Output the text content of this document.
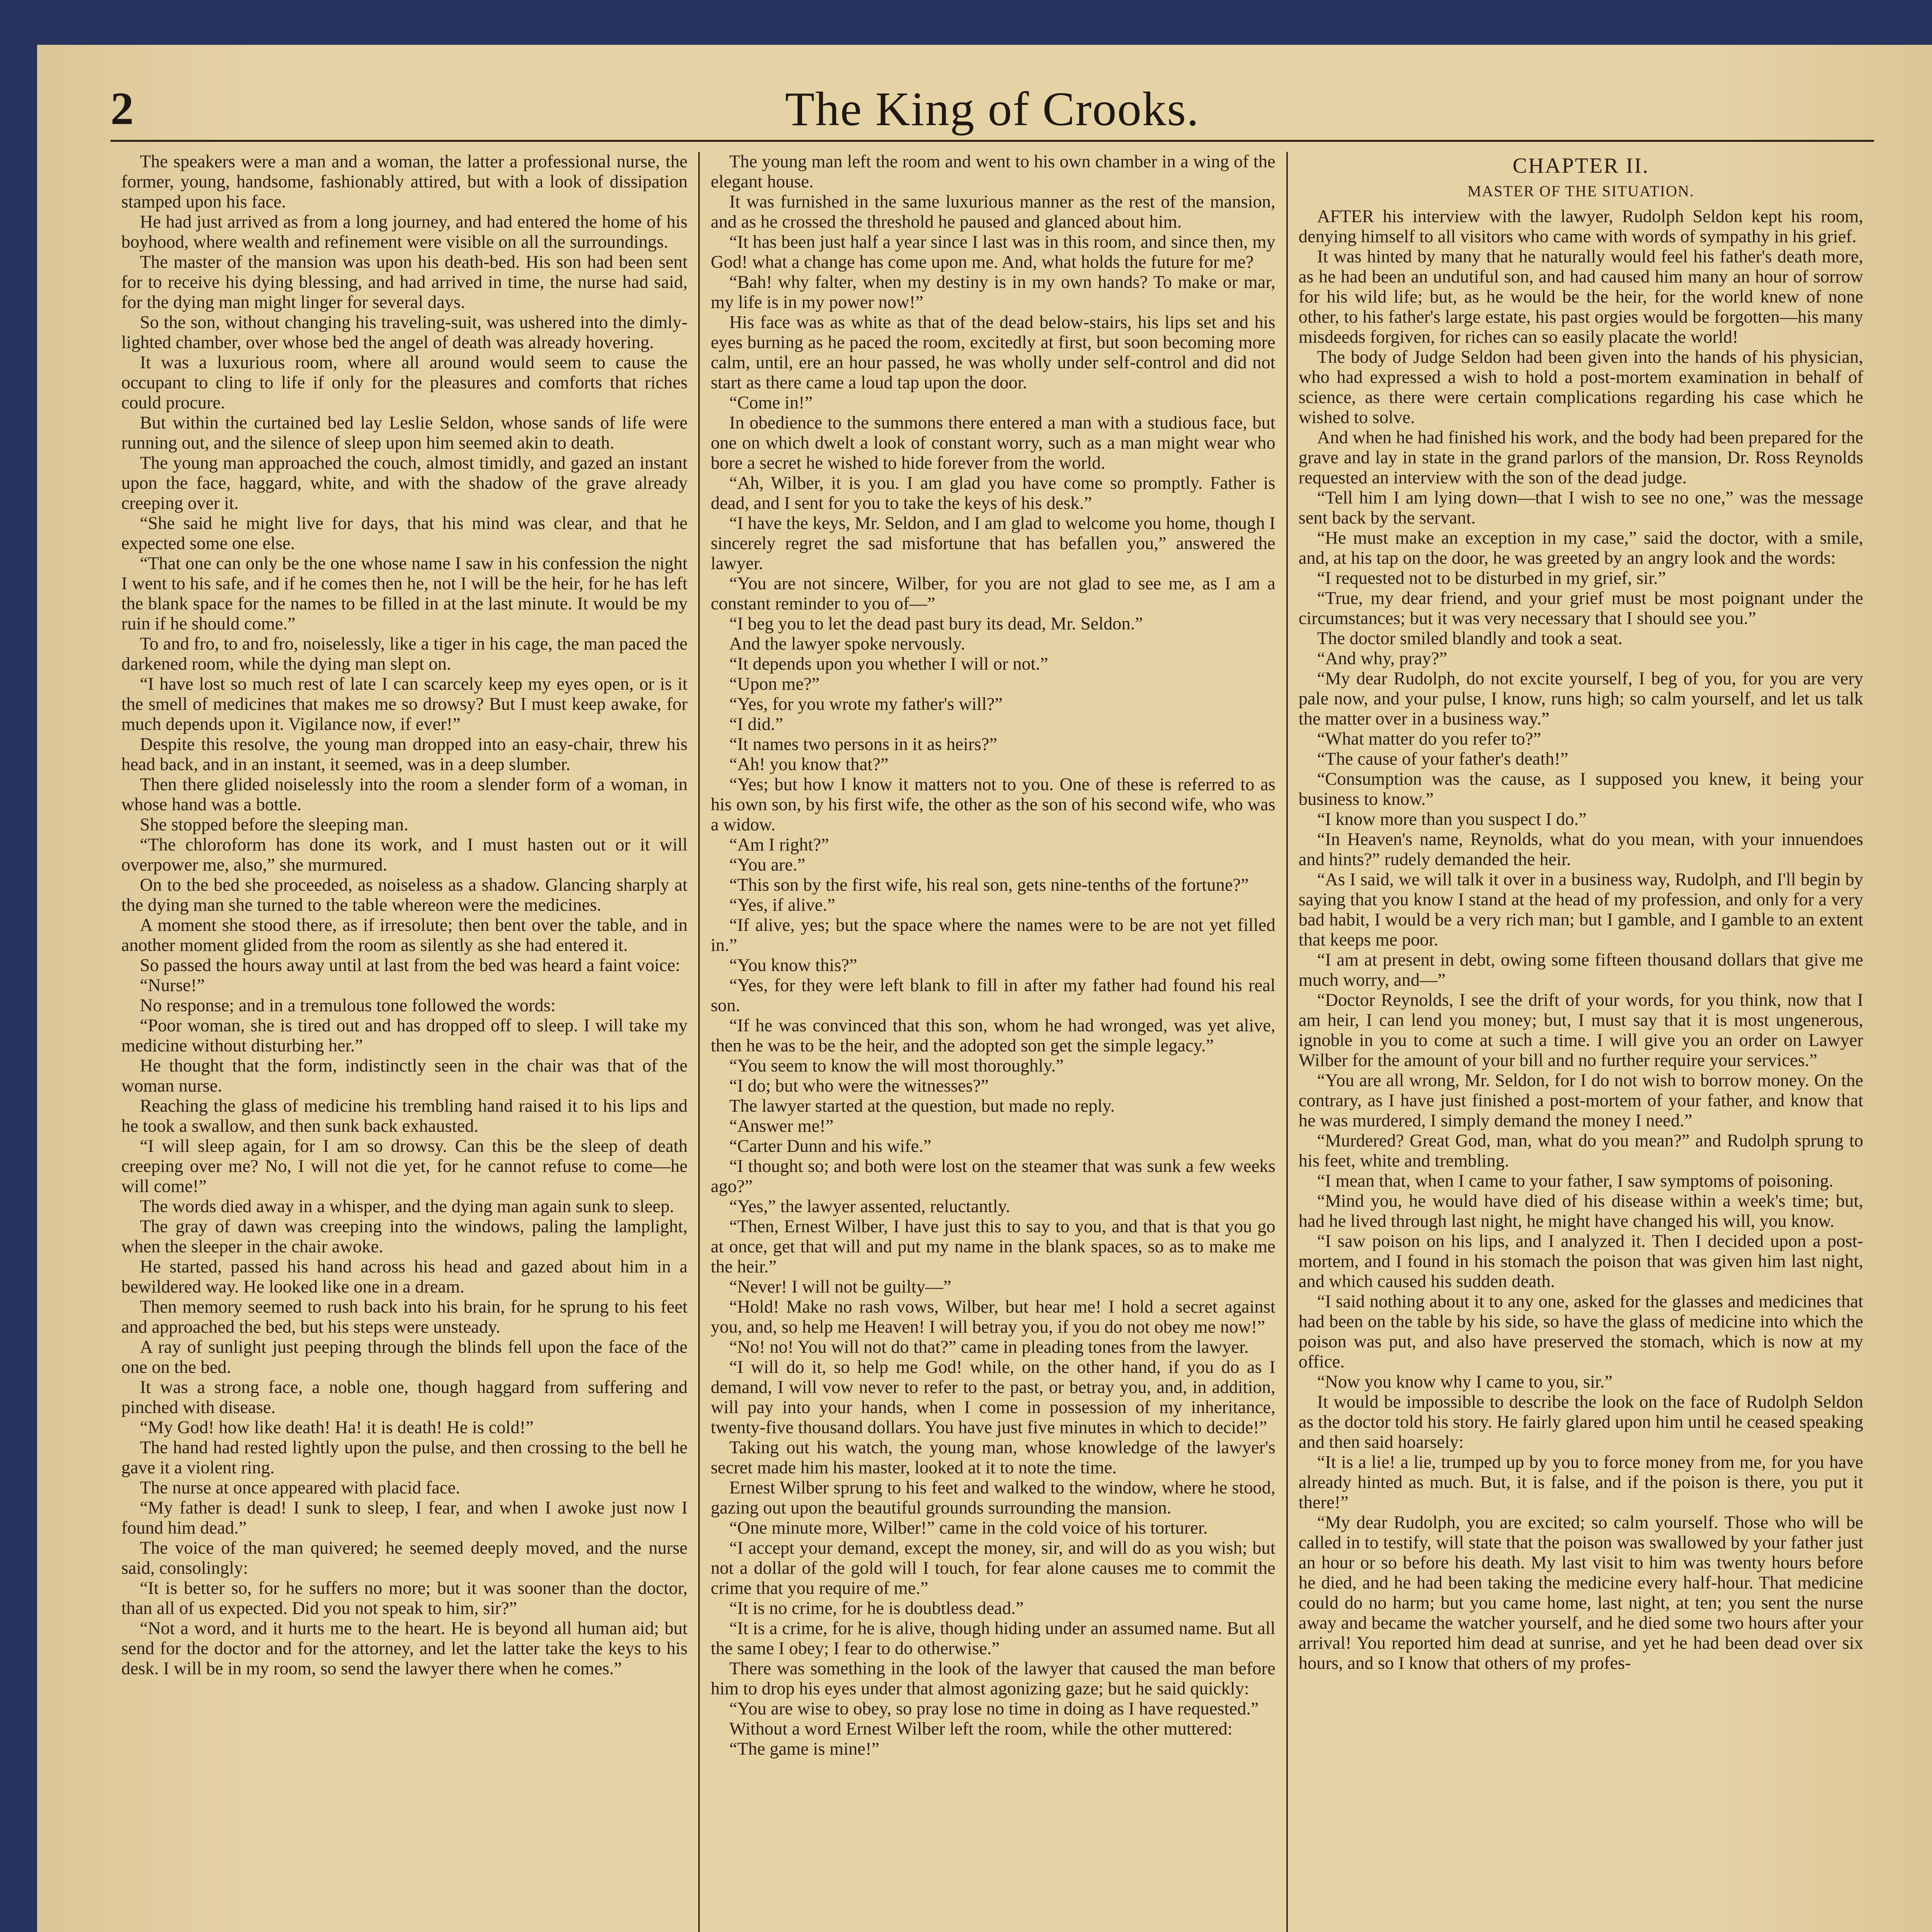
2	The King of Crooks.

The speakers were a man and a woman, the latter a professional nurse, the former, young, handsome, fashionably attired, but with a look of dissipation stamped upon his face.

He had just arrived as from a long journey, and had entered the home of his boyhood, where wealth and refinement were visible on all the surroundings.

The master of the mansion was upon his death-bed. His son had been sent for to receive his dying blessing, and had arrived in time, the nurse had said, for the dying man might linger for several days.

So the son, without changing his traveling-suit, was ushered into the dimly-lighted chamber, over whose bed the angel of death was already hovering.

It was a luxurious room, where all around would seem to cause the occupant to cling to life if only for the pleasures and comforts that riches could procure.

But within the curtained bed lay Leslie Seldon, whose sands of life were running out, and the silence of sleep upon him seemed akin to death.

The young man approached the couch, almost timidly, and gazed an instant upon the face, haggard, white, and with the shadow of the grave already creeping over it.

“She said he might live for days, that his mind was clear, and that he expected some one else.

“That one can only be the one whose name I saw in his confession the night I went to his safe, and if he comes then he, not I will be the heir, for he has left the blank space for the names to be filled in at the last minute. It would be my ruin if he should come.”

To and fro, to and fro, noiselessly, like a tiger in his cage, the man paced the darkened room, while the dying man slept on.

“I have lost so much rest of late I can scarcely keep my eyes open, or is it the smell of medicines that makes me so drowsy? But I must keep awake, for much depends upon it. Vigilance now, if ever!”

Despite this resolve, the young man dropped into an easy-chair, threw his head back, and in an instant, it seemed, was in a deep slumber.

Then there glided noiselessly into the room a slender form of a woman, in whose hand was a bottle.

She stopped before the sleeping man.

“The chloroform has done its work, and I must hasten out or it will overpower me, also,” she murmured.

On to the bed she proceeded, as noiseless as a shadow. Glancing sharply at the dying man she turned to the table whereon were the medicines.

A moment she stood there, as if irresolute; then bent over the table, and in another moment glided from the room as silently as she had entered it.

So passed the hours away until at last from the bed was heard a faint voice:

“Nurse!”

No response; and in a tremulous tone followed the words:

“Poor woman, she is tired out and has dropped off to sleep. I will take my medicine without disturbing her.”

He thought that the form, indistinctly seen in the chair was that of the woman nurse.

Reaching the glass of medicine his trembling hand raised it to his lips and he took a swallow, and then sunk back exhausted.

“I will sleep again, for I am so drowsy. Can this be the sleep of death creeping over me? No, I will not die yet, for he cannot refuse to come—he will come!”

The words died away in a whisper, and the dying man again sunk to sleep.

The gray of dawn was creeping into the windows, paling the lamplight, when the sleeper in the chair awoke.

He started, passed his hand across his head and gazed about him in a bewildered way. He looked like one in a dream.

Then memory seemed to rush back into his brain, for he sprung to his feet and approached the bed, but his steps were unsteady.

A ray of sunlight just peeping through the blinds fell upon the face of the one on the bed.

It was a strong face, a noble one, though haggard from suffering and pinched with disease.

“My God! how like death! Ha! it is death! He is cold!”

The hand had rested lightly upon the pulse, and then crossing to the bell he gave it a violent ring.

The nurse at once appeared with placid face.

“My father is dead! I sunk to sleep, I fear, and when I awoke just now I found him dead.”

The voice of the man quivered; he seemed deeply moved, and the nurse said, consolingly:

“It is better so, for he suffers no more; but it was sooner than the doctor, than all of us expected. Did you not speak to him, sir?”

“Not a word, and it hurts me to the heart. He is beyond all human aid; but send for the doctor and for the attorney, and let the latter take the keys to his desk. I will be in my room, so send the lawyer there when he comes.”

The young man left the room and went to his own chamber in a wing of the elegant house.

It was furnished in the same luxurious manner as the rest of the mansion, and as he crossed the threshold he paused and glanced about him.

“It has been just half a year since I last was in this room, and since then, my God! what a change has come upon me. And, what holds the future for me?

“Bah! why falter, when my destiny is in my own hands? To make or mar, my life is in my power now!”

His face was as white as that of the dead below-stairs, his lips set and his eyes burning as he paced the room, excitedly at first, but soon becoming more calm, until, ere an hour passed, he was wholly under self-control and did not start as there came a loud tap upon the door.

“Come in!”

In obedience to the summons there entered a man with a studious face, but one on which dwelt a look of constant worry, such as a man might wear who bore a secret he wished to hide forever from the world.

“Ah, Wilber, it is you. I am glad you have come so promptly. Father is dead, and I sent for you to take the keys of his desk.”

“I have the keys, Mr. Seldon, and I am glad to welcome you home, though I sincerely regret the sad misfortune that has befallen you,” answered the lawyer.

“You are not sincere, Wilber, for you are not glad to see me, as I am a constant reminder to you of—”

“I beg you to let the dead past bury its dead, Mr. Seldon.”

And the lawyer spoke nervously.

“It depends upon you whether I will or not.”

“Upon me?”

“Yes, for you wrote my father's will?”

“I did.”

“It names two persons in it as heirs?”

“Ah! you know that?”

“Yes; but how I know it matters not to you. One of these is referred to as his own son, by his first wife, the other as the son of his second wife, who was a widow.

“Am I right?”

“You are.”

“This son by the first wife, his real son, gets nine-tenths of the fortune?”

“Yes, if alive.”

“If alive, yes; but the space where the names were to be are not yet filled in.”

“You know this?”

“Yes, for they were left blank to fill in after my father had found his real son.

“If he was convinced that this son, whom he had wronged, was yet alive, then he was to be the heir, and the adopted son get the simple legacy.”

“You seem to know the will most thoroughly.”

“I do; but who were the witnesses?”

The lawyer started at the question, but made no reply.

“Answer me!”

“Carter Dunn and his wife.”

“I thought so; and both were lost on the steamer that was sunk a few weeks ago?”

“Yes,” the lawyer assented, reluctantly.

“Then, Ernest Wilber, I have just this to say to you, and that is that you go at once, get that will and put my name in the blank spaces, so as to make me the heir.”

“Never! I will not be guilty—”

“Hold! Make no rash vows, Wilber, but hear me! I hold a secret against you, and, so help me Heaven! I will betray you, if you do not obey me now!”

“No! no! You will not do that?” came in pleading tones from the lawyer.

“I will do it, so help me God! while, on the other hand, if you do as I demand, I will vow never to refer to the past, or betray you, and, in addition, will pay into your hands, when I come in possession of my inheritance, twenty-five thousand dollars. You have just five minutes in which to decide!”

Taking out his watch, the young man, whose knowledge of the lawyer's secret made him his master, looked at it to note the time.

Ernest Wilber sprung to his feet and walked to the window, where he stood, gazing out upon the beautiful grounds surrounding the mansion.

“One minute more, Wilber!” came in the cold voice of his torturer.

“I accept your demand, except the money, sir, and will do as you wish; but not a dollar of the gold will I touch, for fear alone causes me to commit the crime that you require of me.”

“It is no crime, for he is doubtless dead.”

“It is a crime, for he is alive, though hiding under an assumed name. But all the same I obey; I fear to do otherwise.”

There was something in the look of the lawyer that caused the man before him to drop his eyes under that almost agonizing gaze; but he said quickly:

“You are wise to obey, so pray lose no time in doing as I have requested.”

Without a word Ernest Wilber left the room, while the other muttered:

“The game is mine!”

CHAPTER II.
MASTER OF THE SITUATION.

AFTER his interview with the lawyer, Rudolph Seldon kept his room, denying himself to all visitors who came with words of sympathy in his grief.

It was hinted by many that he naturally would feel his father's death more, as he had been an undutiful son, and had caused him many an hour of sorrow for his wild life; but, as he would be the heir, for the world knew of none other, to his father's large estate, his past orgies would be forgotten—his many misdeeds forgiven, for riches can so easily placate the world!

The body of Judge Seldon had been given into the hands of his physician, who had expressed a wish to hold a post-mortem examination in behalf of science, as there were certain complications regarding his case which he wished to solve.

And when he had finished his work, and the body had been prepared for the grave and lay in state in the grand parlors of the mansion, Dr. Ross Reynolds requested an interview with the son of the dead judge.

“Tell him I am lying down—that I wish to see no one,” was the message sent back by the servant.

“He must make an exception in my case,” said the doctor, with a smile, and, at his tap on the door, he was greeted by an angry look and the words:

“I requested not to be disturbed in my grief, sir.”

“True, my dear friend, and your grief must be most poignant under the circumstances; but it was very necessary that I should see you.”

The doctor smiled blandly and took a seat.

“And why, pray?”

“My dear Rudolph, do not excite yourself, I beg of you, for you are very pale now, and your pulse, I know, runs high; so calm yourself, and let us talk the matter over in a business way.”

“What matter do you refer to?”

“The cause of your father's death!”

“Consumption was the cause, as I supposed you knew, it being your business to know.”

“I know more than you suspect I do.”

“In Heaven's name, Reynolds, what do you mean, with your innuendoes and hints?” rudely demanded the heir.

“As I said, we will talk it over in a business way, Rudolph, and I'll begin by saying that you know I stand at the head of my profession, and only for a very bad habit, I would be a very rich man; but I gamble, and I gamble to an extent that keeps me poor.

“I am at present in debt, owing some fifteen thousand dollars that give me much worry, and—”

“Doctor Reynolds, I see the drift of your words, for you think, now that I am heir, I can lend you money; but, I must say that it is most ungenerous, ignoble in you to come at such a time. I will give you an order on Lawyer Wilber for the amount of your bill and no further require your services.”

“You are all wrong, Mr. Seldon, for I do not wish to borrow money. On the contrary, as I have just finished a post-mortem of your father, and know that he was murdered, I simply demand the money I need.”

“Murdered? Great God, man, what do you mean?” and Rudolph sprung to his feet, white and trembling.

“I mean that, when I came to your father, I saw symptoms of poisoning.

“Mind you, he would have died of his disease within a week's time; but, had he lived through last night, he might have changed his will, you know.

“I saw poison on his lips, and I analyzed it. Then I decided upon a post-mortem, and I found in his stomach the poison that was given him last night, and which caused his sudden death.

“I said nothing about it to any one, asked for the glasses and medicines that had been on the table by his side, so have the glass of medicine into which the poison was put, and also have preserved the stomach, which is now at my office.

“Now you know why I came to you, sir.”

It would be impossible to describe the look on the face of Rudolph Seldon as the doctor told his story. He fairly glared upon him until he ceased speaking and then said hoarsely:

“It is a lie! a lie, trumped up by you to force money from me, for you have already hinted as much. But, it is false, and if the poison is there, you put it there!”

“My dear Rudolph, you are excited; so calm yourself. Those who will be called in to testify, will state that the poison was swallowed by your father just an hour or so before his death. My last visit to him was twenty hours before he died, and he had been taking the medicine every half-hour. That medicine could do no harm; but you came home, last night, at ten; you sent the nurse away and became the watcher yourself, and he died some two hours after your arrival! You reported him dead at sunrise, and yet he had been dead over six hours, and so I know that others of my profes-
